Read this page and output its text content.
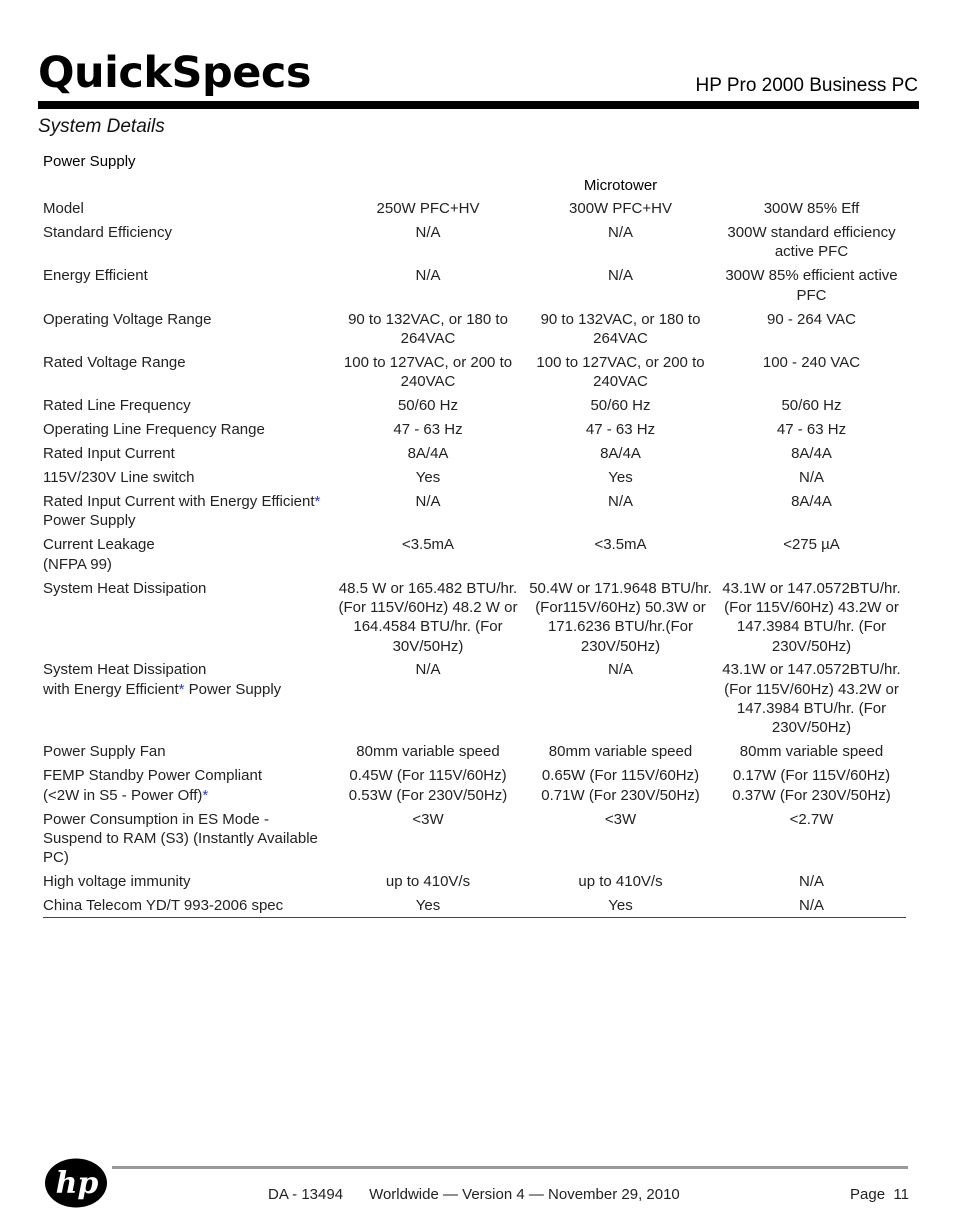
QuickSpecs	HP Pro 2000 Business PC
System Details
Power Supply
Microtower
Model	250W PFC+HV	300W PFC+HV	300W 85% Eff
Standard Efficiency	N/A	N/A	300W standard efficiency active PFC
Energy Efficient	N/A	N/A	300W 85% efficient active PFC
Operating Voltage Range	90 to 132VAC, or 180 to 264VAC	90 to 132VAC, or 180 to 264VAC	90 - 264 VAC
Rated Voltage Range	100 to 127VAC, or 200 to 240VAC	100 to 127VAC, or 200 to 240VAC	100 - 240 VAC
Rated Line Frequency	50/60 Hz	50/60 Hz	50/60 Hz
Operating Line Frequency Range	47 - 63 Hz	47 - 63 Hz	47 - 63 Hz
Rated Input Current	8A/4A	8A/4A	8A/4A
115V/230V Line switch	Yes	Yes	N/A
Rated Input Current with Energy Efficient* Power Supply	N/A	N/A	8A/4A
Current Leakage
(NFPA 99)	<3.5mA	<3.5mA	<275 µA
System Heat Dissipation	48.5 W or 165.482 BTU/hr.(For 115V/60Hz) 48.2 W or 164.4584 BTU/hr. (For 30V/50Hz)	50.4W or 171.9648 BTU/hr. (For115V/60Hz) 50.3W or 171.6236 BTU/hr.(For 230V/50Hz)	43.1W or 147.0572BTU/hr. (For 115V/60Hz) 43.2W or 147.3984 BTU/hr. (For 230V/50Hz)
System Heat Dissipation
with Energy Efficient* Power Supply	N/A	N/A	43.1W or 147.0572BTU/hr. (For 115V/60Hz) 43.2W or 147.3984 BTU/hr. (For 230V/50Hz)
Power Supply Fan	80mm variable speed	80mm variable speed	80mm variable speed
FEMP Standby Power Compliant
(<2W in S5 - Power Off)*	0.45W (For 115V/60Hz) 0.53W (For 230V/50Hz)	0.65W (For 115V/60Hz) 0.71W (For 230V/50Hz)	0.17W (For 115V/60Hz) 0.37W (For 230V/50Hz)
Power Consumption in ES Mode - Suspend to RAM (S3) (Instantly Available PC)	<3W	<3W	<2.7W
High voltage immunity	up to 410V/s	up to 410V/s	N/A
China Telecom YD/T 993-2006 spec	Yes	Yes	N/A
hp	DA - 13494 Worldwide — Version 4 — November 29, 2010	Page 11
